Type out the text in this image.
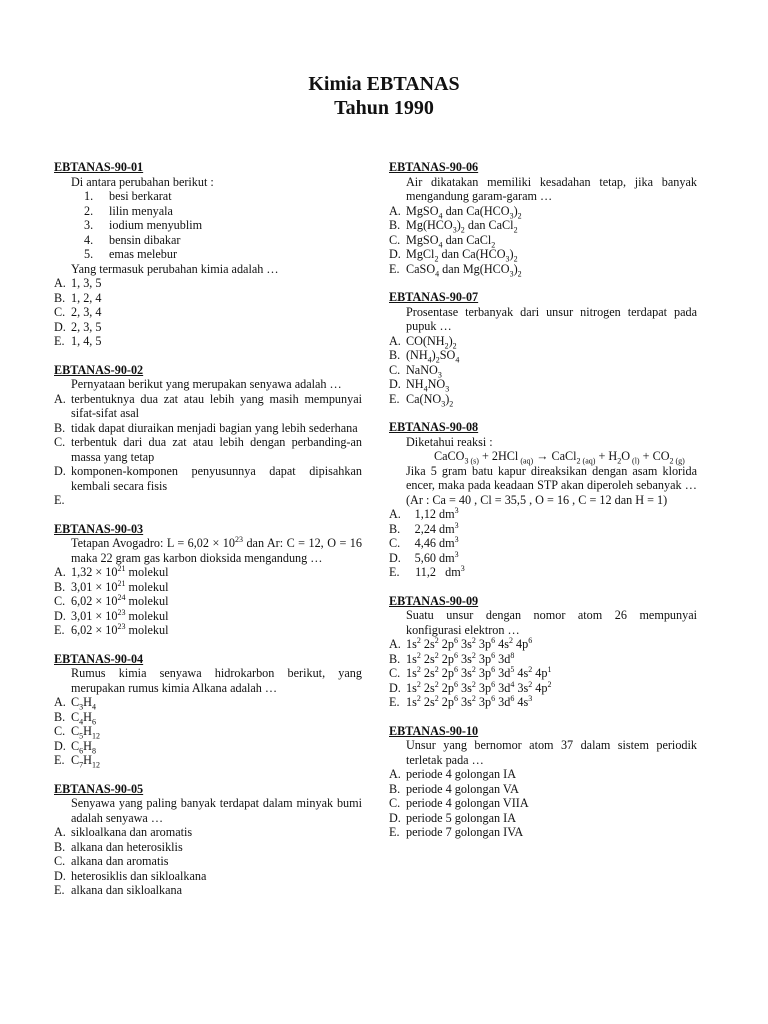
Kimia EBTANAS
Tahun 1990
EBTANAS-90-01
Di antara perubahan berikut :
1. besi berkarat
2. lilin menyala
3. iodium menyublim
4. bensin dibakar
5. emas melebur
Yang termasuk perubahan kimia adalah …
A. 1, 3, 5
B. 1, 2, 4
C. 2, 3, 4
D. 2, 3, 5
E. 1, 4, 5
EBTANAS-90-02
Pernyataan berikut yang merupakan senyawa adalah …
A. terbentuknya dua zat atau lebih yang masih mempunyai sifat-sifat asal
B. tidak dapat diuraikan menjadi bagian yang lebih sederhana
C. terbentuk dari dua zat atau lebih dengan perbanding-an massa yang tetap
D. komponen-komponen penyusunnya dapat dipisahkan kembali secara fisis
E.

EBTANAS-90-03
Tetapan Avogadro: $L = 6,02 \times 10^{23}$ dan Ar: C = 12, O = 16 maka 22 gram gas karbon dioksida mengandung …
A. $1,32 \times 10^{21}$ molekul
B. $3,01 \times 10^{21}$ molekul
C. $6,02 \times 10^{24}$ molekul
D. $3,01 \times 10^{23}$ molekul
E. $6,02 \times 10^{23}$ molekul
EBTANAS-90-04
Rumus kimia senyawa hidrokarbon berikut, yang merupakan rumus kimia Alkana adalah …
A. $C_3H_4$
B. $C_4H_6$
C. $C_5H_{12}$
D. $C_6H_8$
E. $C_7H_{12}$
EBTANAS-90-05
Senyawa yang paling banyak terdapat dalam minyak bumi adalah senyawa …
A. sikloalkana dan aromatis
B. alkana dan heterosiklis
C. alkana dan aromatis
D. heterosiklis dan sikloalkana
E. alkana dan sikloalkana
EBTANAS-90-06
Air dikatakan memiliki kesadahan tetap, jika banyak mengandung garam-garam …
A. MgSO$_4$ dan $Ca(HCO_3)_2$
B. $Mg(HCO_3)_2$ dan CaCl$_2$
C. MgSO$_4$ dan CaCl$_2$
D. MgCl$_2$ dan $Ca(HCO_3)_2$
E. CaSO$_4$ dan $Mg(HCO_3)_2$
EBTANAS-90-07
Prosentase terbanyak dari unsur nitrogen terdapat pada pupuk …
A. $CO(NH_2)_2$
B. $(NH_4)_2SO_4$
C. NaNO$_3$
D. $NH_4NO_3$
E. $Ca(NO_3)_2$
EBTANAS-90-08
Diketahui reaksi :
CaCO$_3$ $_{(s)}$ + 2HCl $_{(aq)}$ → CaCl$_2$ $_{(aq)} + H_2O$ $_{(l)} + CO_2$ $_{(g)}$
Jika 5 gram batu kapur direaksikan dengan asam klorida encer, maka pada keadaan STP akan diperoleh sebanyak … (Ar : Ca = 40 , Cl = 35,5 , O = 16 , C = 12 dan H = 1)
A. 1,12 $dm^3$
B. 2,24 $dm^3$
C. 4,46 $dm^3$
D. 5,60 $dm^3$
E. 11,2 $dm^3$
EBTANAS-90-09
Suatu unsur dengan nomor atom 26 mempunyai konfigurasi elektron …
A. $1s^2$ $2s^2$ $2p^6$ $3s^2$ $3p^6$ $4s^2$ $4p^6$
B. $1s^2$ $2s^2$ $2p^6$ $3s^2$ $3p^6$ $3d^8$
C. $1s^2$ $2s^2$ $2p^6$ $3s^2$ $3p^6$ $3d^5$ $4s^2$ $4p^1$
D. $1s^2$ $2s^2$ $2p^6$ $3s^2$ $3p^6$ $3d^4$ $3s^2$ $4p^2$
E. $1s^2$ $2s^2$ $2p^6$ $3s^2$ $3p^6$ $3d^6$ $4s^3$
EBTANAS-90-10
Unsur yang bernomor atom 37 dalam sistem periodik terletak pada …
A. periode 4 golongan IA
B. periode 4 golongan VA
C. periode 4 golongan VIIA
D. periode 5 golongan IA
E. periode 7 golongan IVA
